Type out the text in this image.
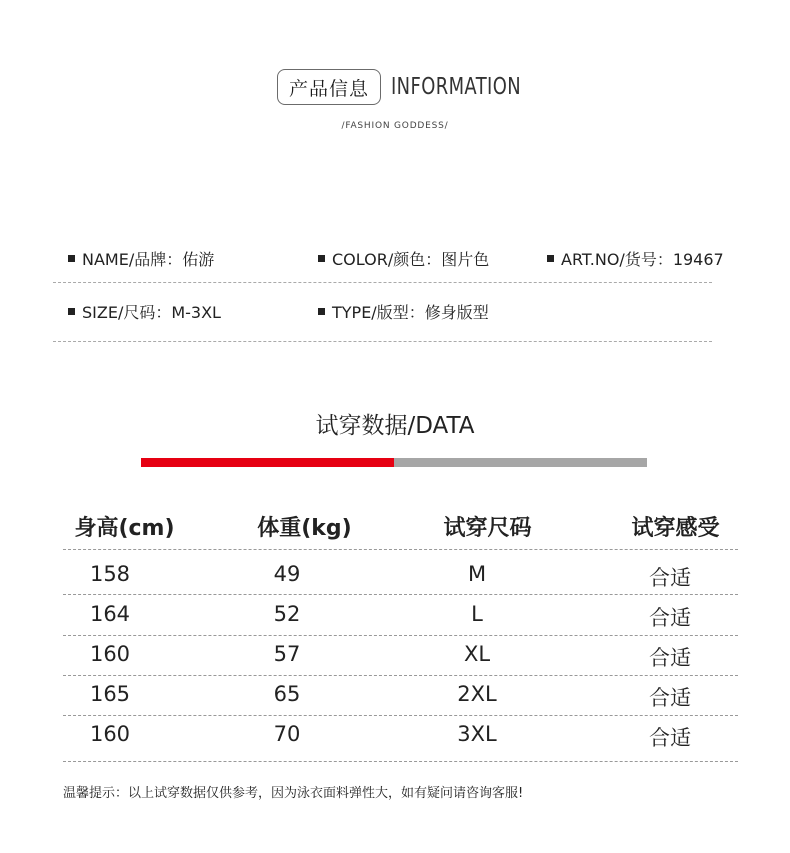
产品信息 INFORMATION
/FASHION GODDESS/
NAME/品牌：佑游	COLOR/颜色：图片色	ART.NO/货号：19467
SIZE/尺码：M-3XL	TYPE/版型：修身版型
试穿数据/DATA
身高(cm)	体重(kg)	试穿尺码	试穿感受
158	49	M	合适
164	52	L	合适
160	57	XL	合适
165	65	2XL	合适
160	70	3XL	合适
温馨提示：以上试穿数据仅供参考，因为泳衣面料弹性大，如有疑问请咨询客服!
